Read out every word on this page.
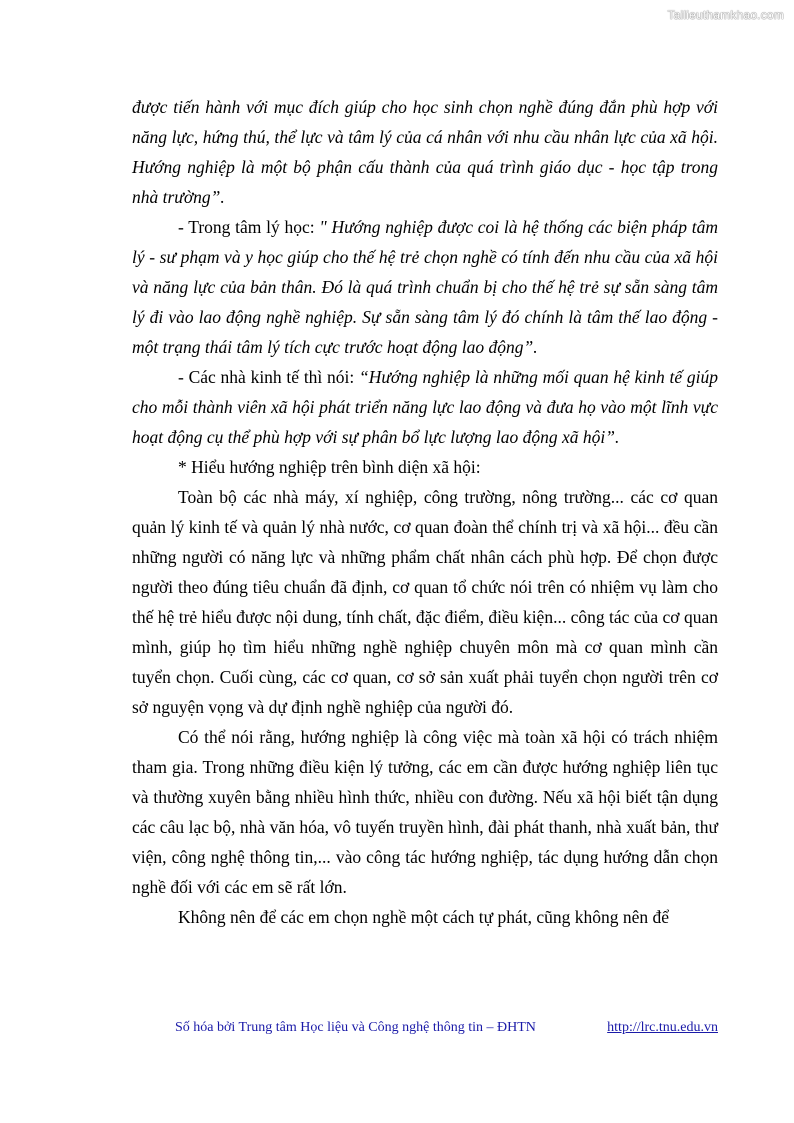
Tailieuthamkhao.com

được tiến hành với mục đích giúp cho học sinh chọn nghề đúng đắn phù hợp với năng lực, hứng thú, thể lực và tâm lý của cá nhân với nhu cầu nhân lực của xã hội. Hướng nghiệp là một bộ phận cấu thành của quá trình giáo dục - học tập trong nhà trường”.

- Trong tâm lý học: " Hướng nghiệp được coi là hệ thống các biện pháp tâm lý - sư phạm và y học giúp cho thế hệ trẻ chọn nghề có tính đến nhu cầu của xã hội và năng lực của bản thân. Đó là quá trình chuẩn bị cho thế hệ trẻ sự sẵn sàng tâm lý đi vào lao động nghề nghiệp. Sự sẵn sàng tâm lý đó chính là tâm thế lao động - một trạng thái tâm lý tích cực trước hoạt động lao động”.

- Các nhà kinh tế thì nói: “Hướng nghiệp là những mối quan hệ kinh tế giúp cho mỗi thành viên xã hội phát triển năng lực lao động và đưa họ vào một lĩnh vực hoạt động cụ thể phù hợp với sự phân bổ lực lượng lao động xã hội”.

* Hiểu hướng nghiệp trên bình diện xã hội:

Toàn bộ các nhà máy, xí nghiệp, công trường, nông trường... các cơ quan quản lý kinh tế và quản lý nhà nước, cơ quan đoàn thể chính trị và xã hội... đều cần những người có năng lực và những phẩm chất nhân cách phù hợp. Để chọn được người theo đúng tiêu chuẩn đã định, cơ quan tổ chức nói trên có nhiệm vụ làm cho thế hệ trẻ hiểu được nội dung, tính chất, đặc điểm, điều kiện... công tác của cơ quan mình, giúp họ tìm hiểu những nghề nghiệp chuyên môn mà cơ quan mình cần tuyển chọn. Cuối cùng, các cơ quan, cơ sở sản xuất phải tuyển chọn người trên cơ sở nguyện vọng và dự định nghề nghiệp của người đó.

Có thể nói rằng, hướng nghiệp là công việc mà toàn xã hội có trách nhiệm tham gia. Trong những điều kiện lý tưởng, các em cần được hướng nghiệp liên tục và thường xuyên bằng nhiều hình thức, nhiều con đường. Nếu xã hội biết tận dụng các câu lạc bộ, nhà văn hóa, vô tuyến truyền hình, đài phát thanh, nhà xuất bản, thư viện, công nghệ thông tin,... vào công tác hướng nghiệp, tác dụng hướng dẫn chọn nghề đối với các em sẽ rất lớn.

Không nên để các em chọn nghề một cách tự phát, cũng không nên để

Số hóa bởi Trung tâm Học liệu và Công nghệ thông tin – ĐHTN	http://lrc.tnu.edu.vn
